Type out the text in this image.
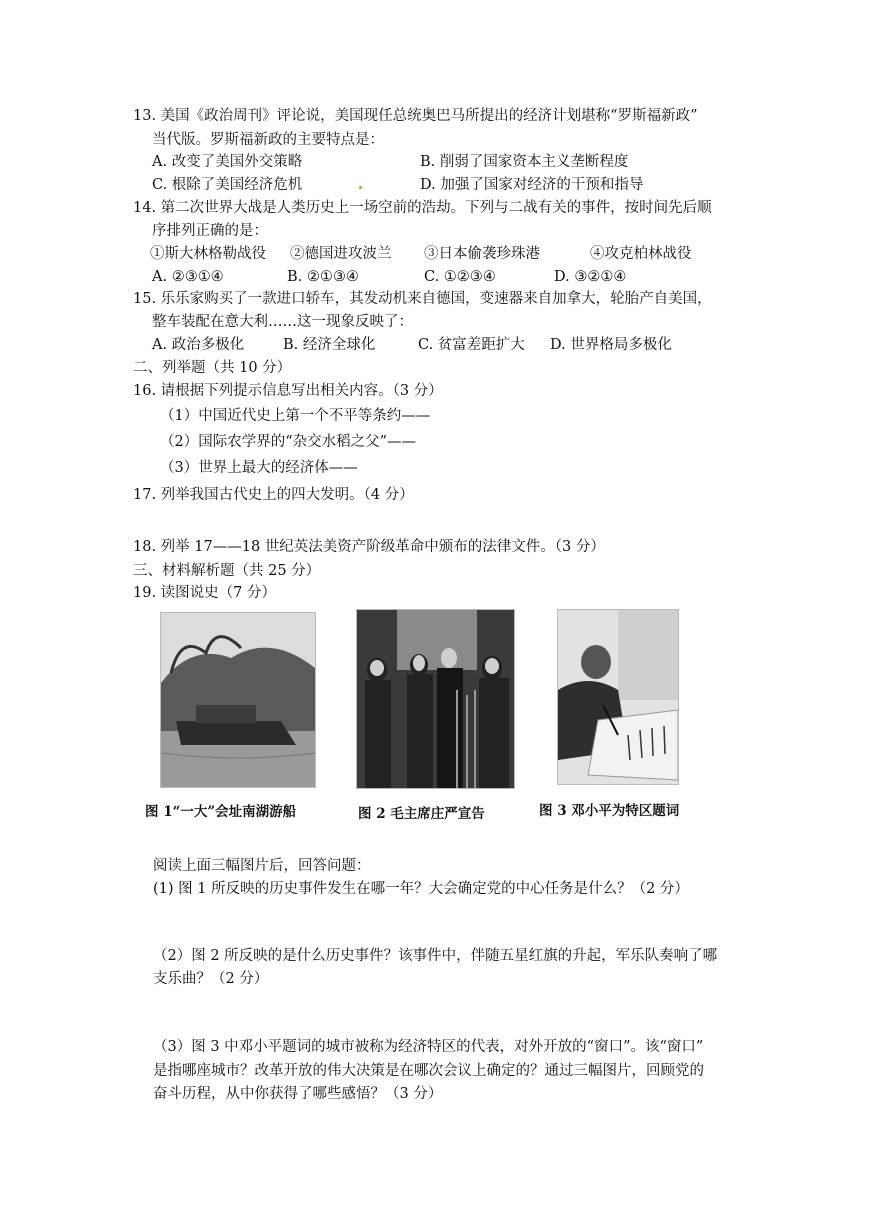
13. 美国《政治周刊》评论说，美国现任总统奥巴马所提出的经济计划堪称“罗斯福新政”
当代版。罗斯福新政的主要特点是：
A. 改变了美国外交策略	B. 削弱了国家资本主义垄断程度
C. 根除了美国经济危机	D. 加强了国家对经济的干预和指导
14. 第二次世界大战是人类历史上一场空前的浩劫。下列与二战有关的事件，按时间先后顺
序排列正确的是：
①斯大林格勒战役 ②德国进攻波兰 ③日本偷袭珍珠港	④攻克柏林战役
A. ②③①④	B. ②①③④	C. ①②③④	D. ③②①④
15. 乐乐家购买了一款进口轿车，其发动机来自德国，变速器来自加拿大，轮胎产自美国，
整车装配在意大利……这一现象反映了：
A. 政治多极化	B. 经济全球化	C. 贫富差距扩大 D. 世界格局多极化
二、列举题（共 10 分）
16. 请根据下列提示信息写出相关内容。（3 分）
（1）中国近代史上第一个不平等条约——
（2）国际农学界的“杂交水稻之父”——
（3）世界上最大的经济体——
17. 列举我国古代史上的四大发明。（4 分）
18. 列举 17——18 世纪英法美资产阶级革命中颁布的法律文件。（3 分）
三、材料解析题（共 25 分）
19. 读图说史（7 分）
图 1“一大”会址南湖游船	图 2 毛主席庄严宣告	图 3 邓小平为特区题词
阅读上面三幅图片后，回答问题：
(1) 图 1 所反映的历史事件发生在哪一年？大会确定党的中心任务是什么？（2 分）
（2）图 2 所反映的是什么历史事件？该事件中，伴随五星红旗的升起，军乐队奏响了哪
支乐曲？（2 分）
（3）图 3 中邓小平题词的城市被称为经济特区的代表，对外开放的“窗口”。该“窗口”
是指哪座城市？改革开放的伟大决策是在哪次会议上确定的？通过三幅图片，回顾党的
奋斗历程，从中你获得了哪些感悟？（3 分）
